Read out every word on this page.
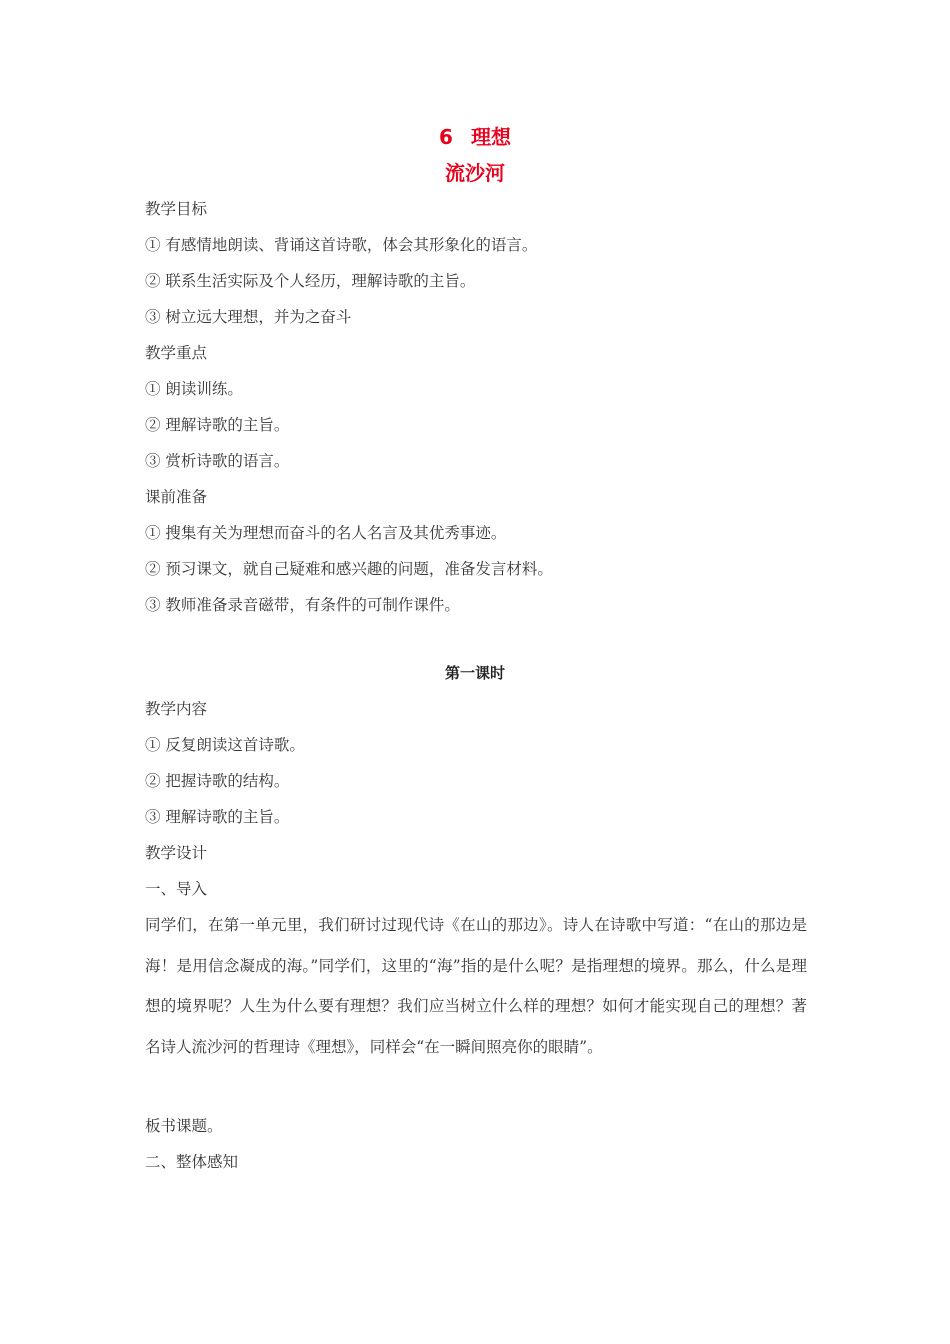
6 理想
流沙河
教学目标
① 有感情地朗读、背诵这首诗歌，体会其形象化的语言。
② 联系生活实际及个人经历，理解诗歌的主旨。
③ 树立远大理想，并为之奋斗
教学重点
① 朗读训练。
② 理解诗歌的主旨。
③ 赏析诗歌的语言。
课前准备
① 搜集有关为理想而奋斗的名人名言及其优秀事迹。
② 预习课文，就自己疑难和感兴趣的问题，准备发言材料。
③ 教师准备录音磁带，有条件的可制作课件。
第一课时
教学内容
① 反复朗读这首诗歌。
② 把握诗歌的结构。
③ 理解诗歌的主旨。
教学设计
一、导入

同学们，在第一单元里，我们研讨过现代诗《在山的那边》。诗人在诗歌中写道：“在山的那边是海！是用信念凝成的海。”同学们，这里的“海”指的是什么呢？是指理想的境界。那么，什么是理想的境界呢？人生为什么要有理想？我们应当树立什么样的理想？如何才能实现自己的理想？著名诗人流沙河的哲理诗《理想》，同样会“在一瞬间照亮你的眼睛”。

板书课题。
二、整体感知
